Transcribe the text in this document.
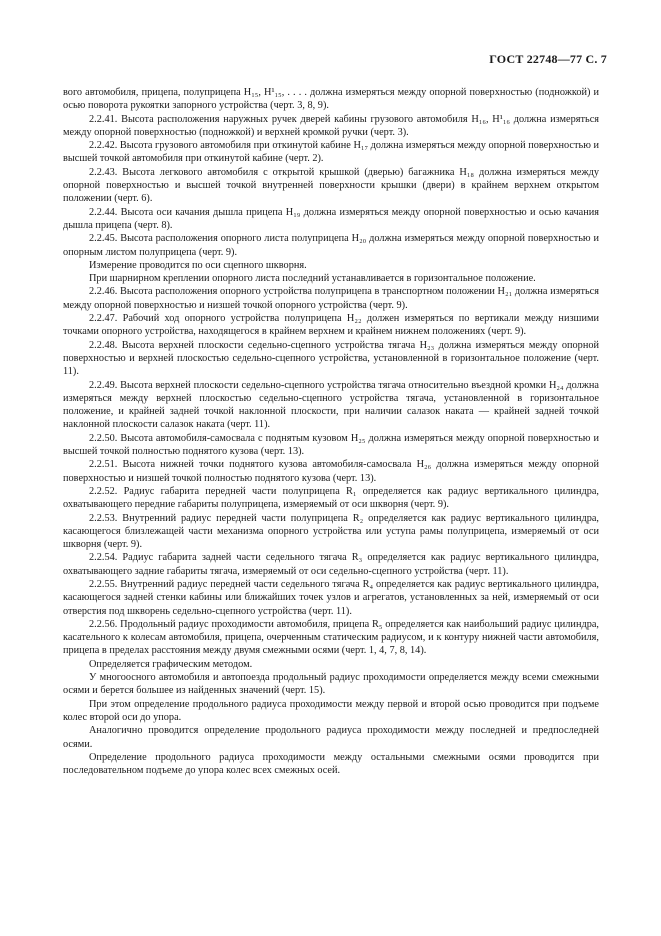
ГОСТ 22748—77 С. 7

вого автомобиля, прицепа, полуприцепа H₁₅, H¹₁₅, . . . . должна измеряться между опорной поверхностью (подножкой) и осью поворота рукоятки запорного устройства (черт. 3, 8, 9).

2.2.41. Высота расположения наружных ручек дверей кабины грузового автомобиля H₁₆, H¹₁₆ должна измеряться между опорной поверхностью (подножкой) и верхней кромкой ручки (черт. 3).

2.2.42. Высота грузового автомобиля при откинутой кабине H₁₇ должна измеряться между опорной поверхностью и высшей точкой автомобиля при откинутой кабине (черт. 2).

2.2.43. Высота легкового автомобиля с открытой крышкой (дверью) багажника H₁₈ должна измеряться между опорной поверхностью и высшей точкой внутренней поверхности крышки (двери) в крайнем верхнем открытом положении (черт. 6).

2.2.44. Высота оси качания дышла прицепа H₁₉ должна измеряться между опорной поверхностью и осью качания дышла прицепа (черт. 8).

2.2.45. Высота расположения опорного листа полуприцепа H₂₀ должна измеряться между опорной поверхностью и опорным листом полуприцепа (черт. 9).

Измерение проводится по оси сцепного шкворня.

При шарнирном креплении опорного листа последний устанавливается в горизонтальное положение.

2.2.46. Высота расположения опорного устройства полуприцепа в транспортном положении H₂₁ должна измеряться между опорной поверхностью и низшей точкой опорного устройства (черт. 9).

2.2.47. Рабочий ход опорного устройства полуприцепа H₂₂ должен измеряться по вертикали между низшими точками опорного устройства, находящегося в крайнем верхнем и крайнем нижнем положениях (черт. 9).

2.2.48. Высота верхней плоскости седельно-сцепного устройства тягача H₂₃ должна измеряться между опорной поверхностью и верхней плоскостью седельно-сцепного устройства, установленной в горизонтальное положение (черт. 11).

2.2.49. Высота верхней плоскости седельно-сцепного устройства тягача относительно въездной кромки H₂₄ должна измеряться между верхней плоскостью седельно-сцепного устройства тягача, установленной в горизонтальное положение, и крайней задней точкой наклонной плоскости, при наличии салазок наката — крайней задней точкой наклонной плоскости салазок наката (черт. 11).

2.2.50. Высота автомобиля-самосвала с поднятым кузовом H₂₅ должна измеряться между опорной поверхностью и высшей точкой полностью поднятого кузова (черт. 13).

2.2.51. Высота нижней точки поднятого кузова автомобиля-самосвала H₂₆ должна измеряться между опорной поверхностью и низшей точкой полностью поднятого кузова (черт. 13).

2.2.52. Радиус габарита передней части полуприцепа R₁ определяется как радиус вертикального цилиндра, охватывающего передние габариты полуприцепа, измеряемый от оси шкворня (черт. 9).

2.2.53. Внутренний радиус передней части полуприцепа R₂ определяется как радиус вертикального цилиндра, касающегося близлежащей части механизма опорного устройства или уступа рамы полуприцепа, измеряемый от оси шкворня (черт. 9).

2.2.54. Радиус габарита задней части седельного тягача R₃ определяется как радиус вертикального цилиндра, охватывающего задние габариты тягача, измеряемый от оси седельно-сцепного устройства (черт. 11).

2.2.55. Внутренний радиус передней части седельного тягача R₄ определяется как радиус вертикального цилиндра, касающегося задней стенки кабины или ближайших точек узлов и агрегатов, установленных за ней, измеряемый от оси отверстия под шкворень седельно-сцепного устройства (черт. 11).

2.2.56. Продольный радиус проходимости автомобиля, прицепа R₅ определяется как наибольший радиус цилиндра, касательного к колесам автомобиля, прицепа, очерченным статическим радиусом, и к контуру нижней части автомобиля, прицепа в пределах расстояния между двумя смежными осями (черт. 1, 4, 7, 8, 14).

Определяется графическим методом.

У многоосного автомобиля и автопоезда продольный радиус проходимости определяется между всеми смежными осями и берется большее из найденных значений (черт. 15).

При этом определение продольного радиуса проходимости между первой и второй осью проводится при подъеме колес второй оси до упора.

Аналогично проводится определение продольного радиуса проходимости между последней и предпоследней осями.

Определение продольного радиуса проходимости между остальными смежными осями проводится при последовательном подъеме до упора колес всех смежных осей.
